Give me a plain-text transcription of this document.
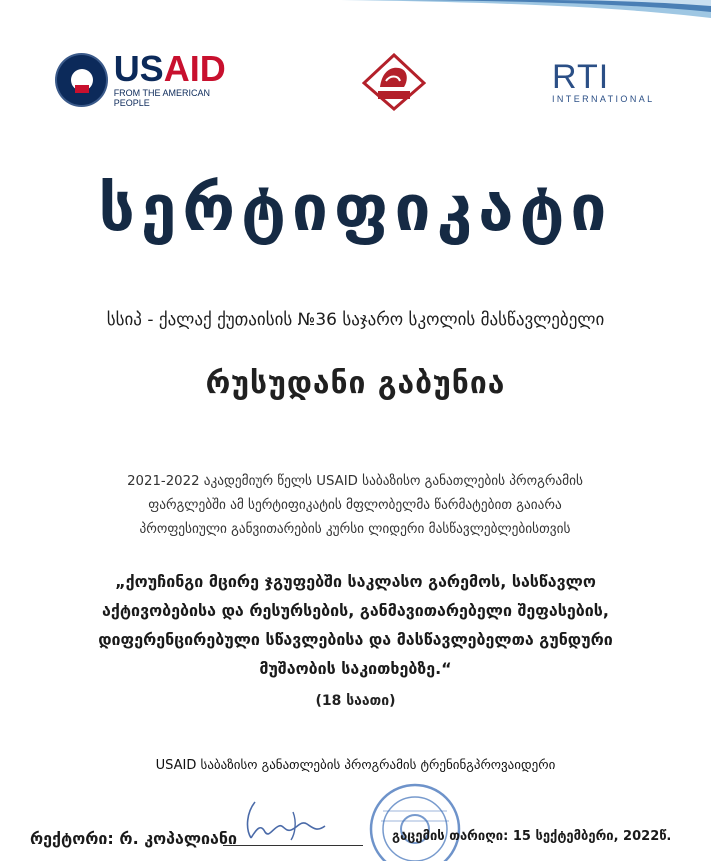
USAID
FROM THE AMERICAN PEOPLE
RTI
INTERNATIONAL
სერტიფიკატი
სსიპ - ქალაქ ქუთაისის №36 საჯარო სკოლის მასწავლებელი
რუსუდანი გაბუნია
2021-2022 აკადემიურ წელს USAID საბაზისო განათლების პროგრამის
ფარგლებში ამ სერტიფიკატის მფლობელმა წარმატებით გაიარა
პროფესიული განვითარების კურსი ლიდერი მასწავლებლებისთვის
„ქოუჩინგი მცირე ჯგუფებში საკლასო გარემოს, სასწავლო
აქტივობებისა და რესურსების, განმავითარებელი შეფასების,
დიფერენცირებული სწავლებისა და მასწავლებელთა გუნდური
მუშაობის საკითხებზე.“
(18 საათი)
USAID საბაზისო განათლების პროგრამის ტრენინგპროვაიდერი
რექტორი: რ. კოპალიანი	გაცემის თარიღი: 15 სექტემბერი, 2022წ.
